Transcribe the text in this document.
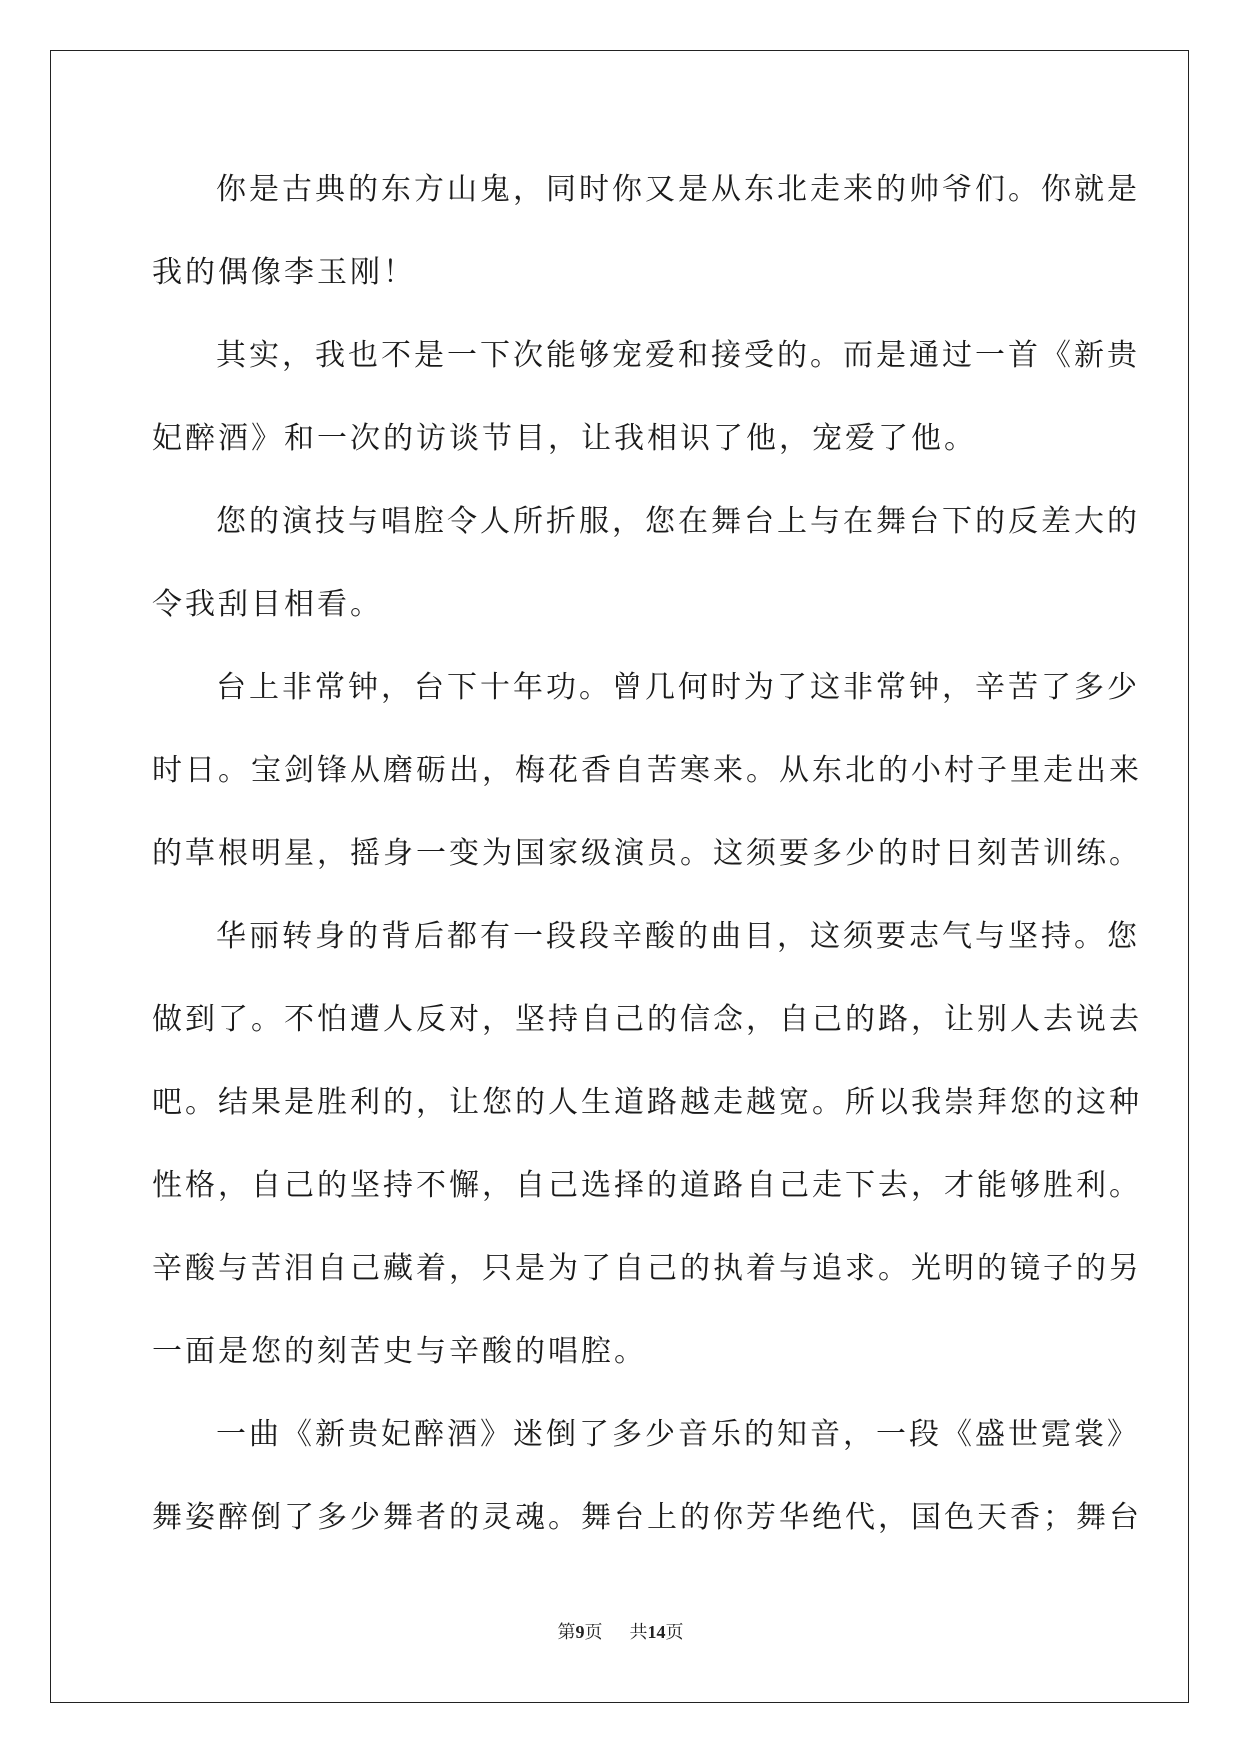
你是古典的东方山鬼，同时你又是从东北走来的帅爷们。你就是
我的偶像李玉刚！
其实，我也不是一下次能够宠爱和接受的。而是通过一首《新贵
妃醉酒》和一次的访谈节目，让我相识了他，宠爱了他。
您的演技与唱腔令人所折服，您在舞台上与在舞台下的反差大的
令我刮目相看。
台上非常钟，台下十年功。曾几何时为了这非常钟，辛苦了多少
时日。宝剑锋从磨砺出，梅花香自苦寒来。从东北的小村子里走出来
的草根明星，摇身一变为国家级演员。这须要多少的时日刻苦训练。
华丽转身的背后都有一段段辛酸的曲目，这须要志气与坚持。您
做到了。不怕遭人反对，坚持自己的信念，自己的路，让别人去说去
吧。结果是胜利的，让您的人生道路越走越宽。所以我崇拜您的这种
性格，自己的坚持不懈，自己选择的道路自己走下去，才能够胜利。
辛酸与苦泪自己藏着，只是为了自己的执着与追求。光明的镜子的另
一面是您的刻苦史与辛酸的唱腔。
一曲《新贵妃醉酒》迷倒了多少音乐的知音，一段《盛世霓裳》
舞姿醉倒了多少舞者的灵魂。舞台上的你芳华绝代，国色天香；舞台
第9页 共14页
